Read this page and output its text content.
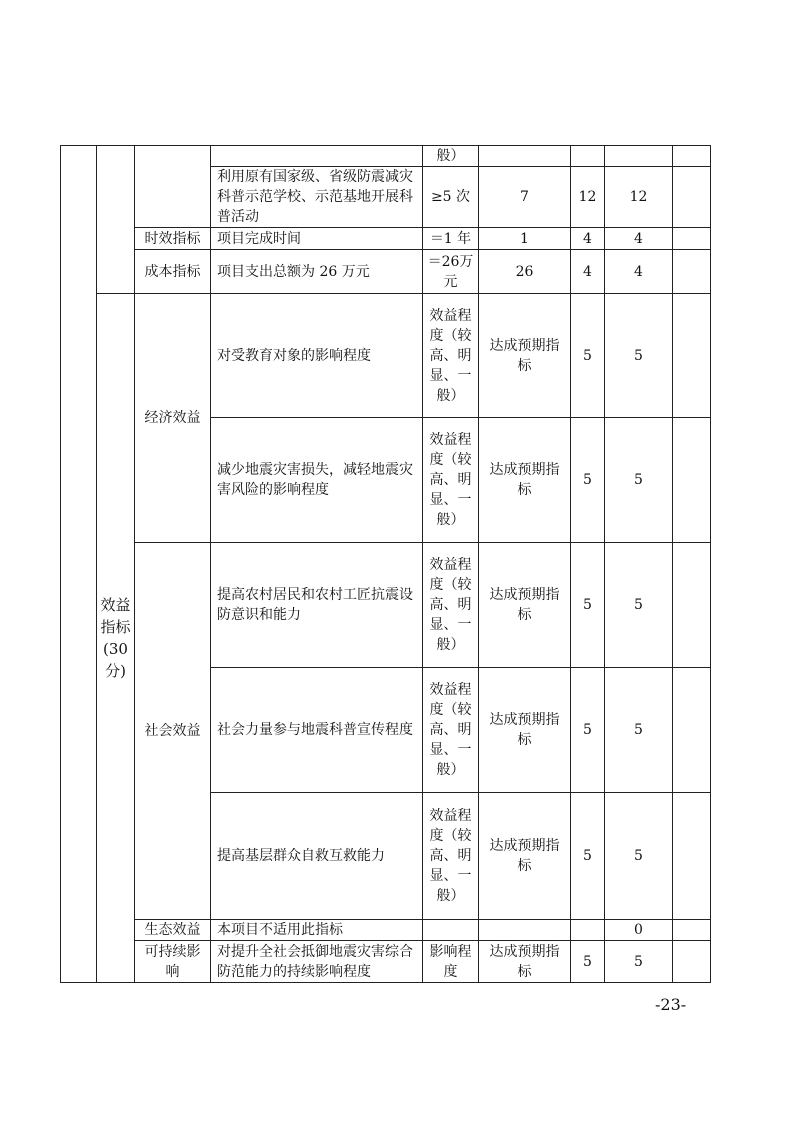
				般）				
			利用原有国家级、省级防震减灾科普示范学校、示范基地开展科普活动	≥5 次	7	12	12	
		时效指标	项目完成时间	＝1 年	1	4	4	
		成本指标	项目支出总额为 26 万元	＝26万元	26	4	4	
	效益指标(30分)	经济效益	对受教育对象的影响程度	效益程度（较高、明显、一般）	达成预期指标	5	5	
			减少地震灾害损失，减轻地震灾害风险的影响程度	效益程度（较高、明显、一般）	达成预期指标	5	5	
		社会效益	提高农村居民和农村工匠抗震设防意识和能力	效益程度（较高、明显、一般）	达成预期指标	5	5	
			社会力量参与地震科普宣传程度	效益程度（较高、明显、一般）	达成预期指标	5	5	
			提高基层群众自救互救能力	效益程度（较高、明显、一般）	达成预期指标	5	5	
		生态效益	本项目不适用此指标				0	
		可持续影响	对提升全社会抵御地震灾害综合防范能力的持续影响程度	影响程度	达成预期指标	5	5	
-23-
